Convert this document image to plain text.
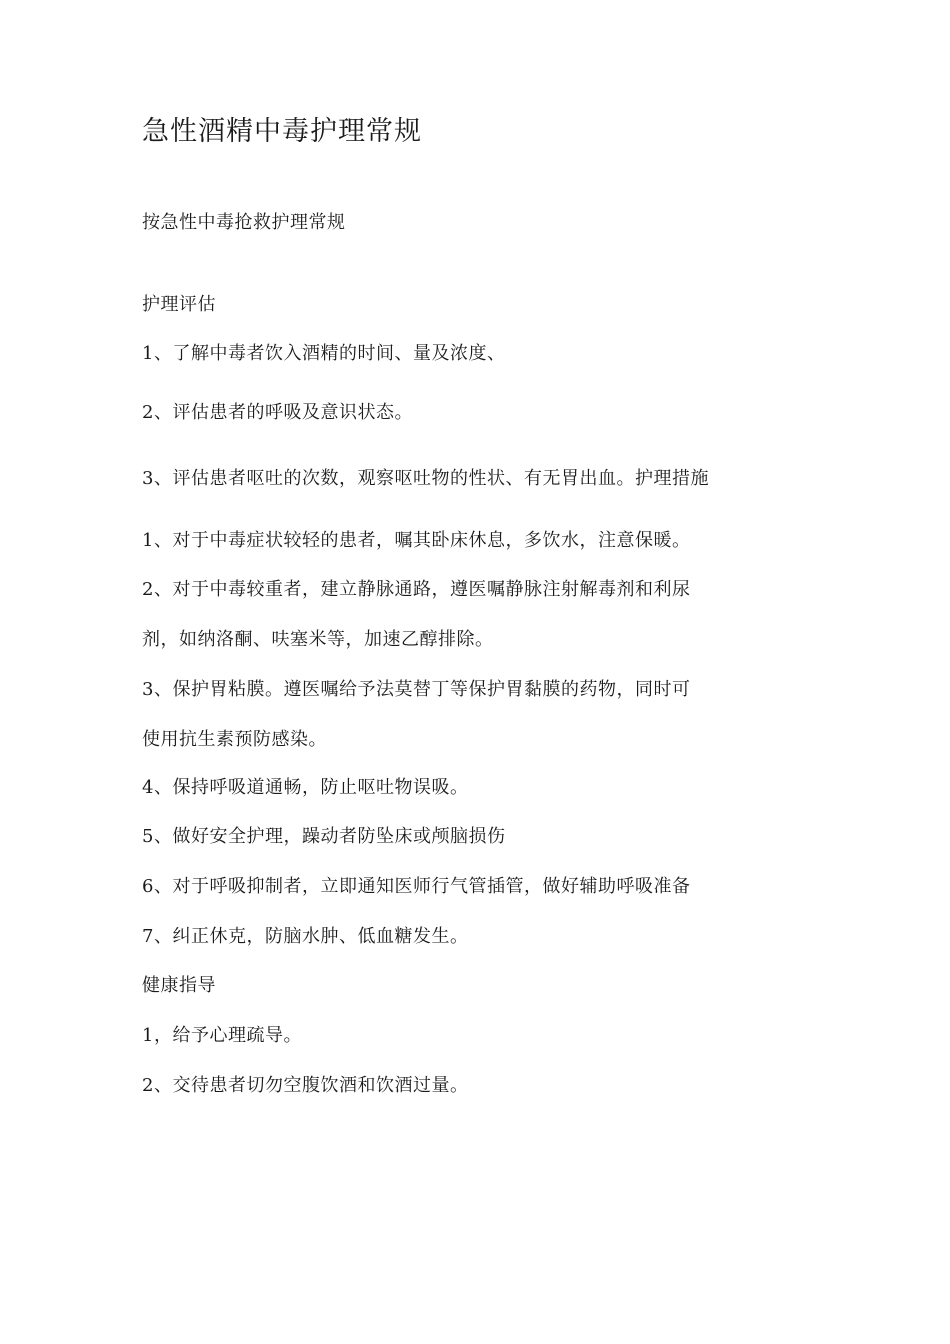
急性酒精中毒护理常规
按急性中毒抢救护理常规
护理评估
1、了解中毒者饮入酒精的时间、量及浓度、
2、评估患者的呼吸及意识状态。
3、评估患者呕吐的次数，观察呕吐物的性状、有无胃出血。护理措施
1、对于中毒症状较轻的患者，嘱其卧床休息，多饮水，注意保暖。
2、对于中毒较重者，建立静脉通路，遵医嘱静脉注射解毒剂和利尿
剂，如纳洛酮、呋塞米等，加速乙醇排除。
3、保护胃粘膜。遵医嘱给予法莫替丁等保护胃黏膜的药物，同时可
使用抗生素预防感染。
4、保持呼吸道通畅，防止呕吐物误吸。
5、做好安全护理，躁动者防坠床或颅脑损伤
6、对于呼吸抑制者，立即通知医师行气管插管，做好辅助呼吸准备
7、纠正休克，防脑水肿、低血糖发生。
健康指导
1，给予心理疏导。
2、交待患者切勿空腹饮酒和饮酒过量。
